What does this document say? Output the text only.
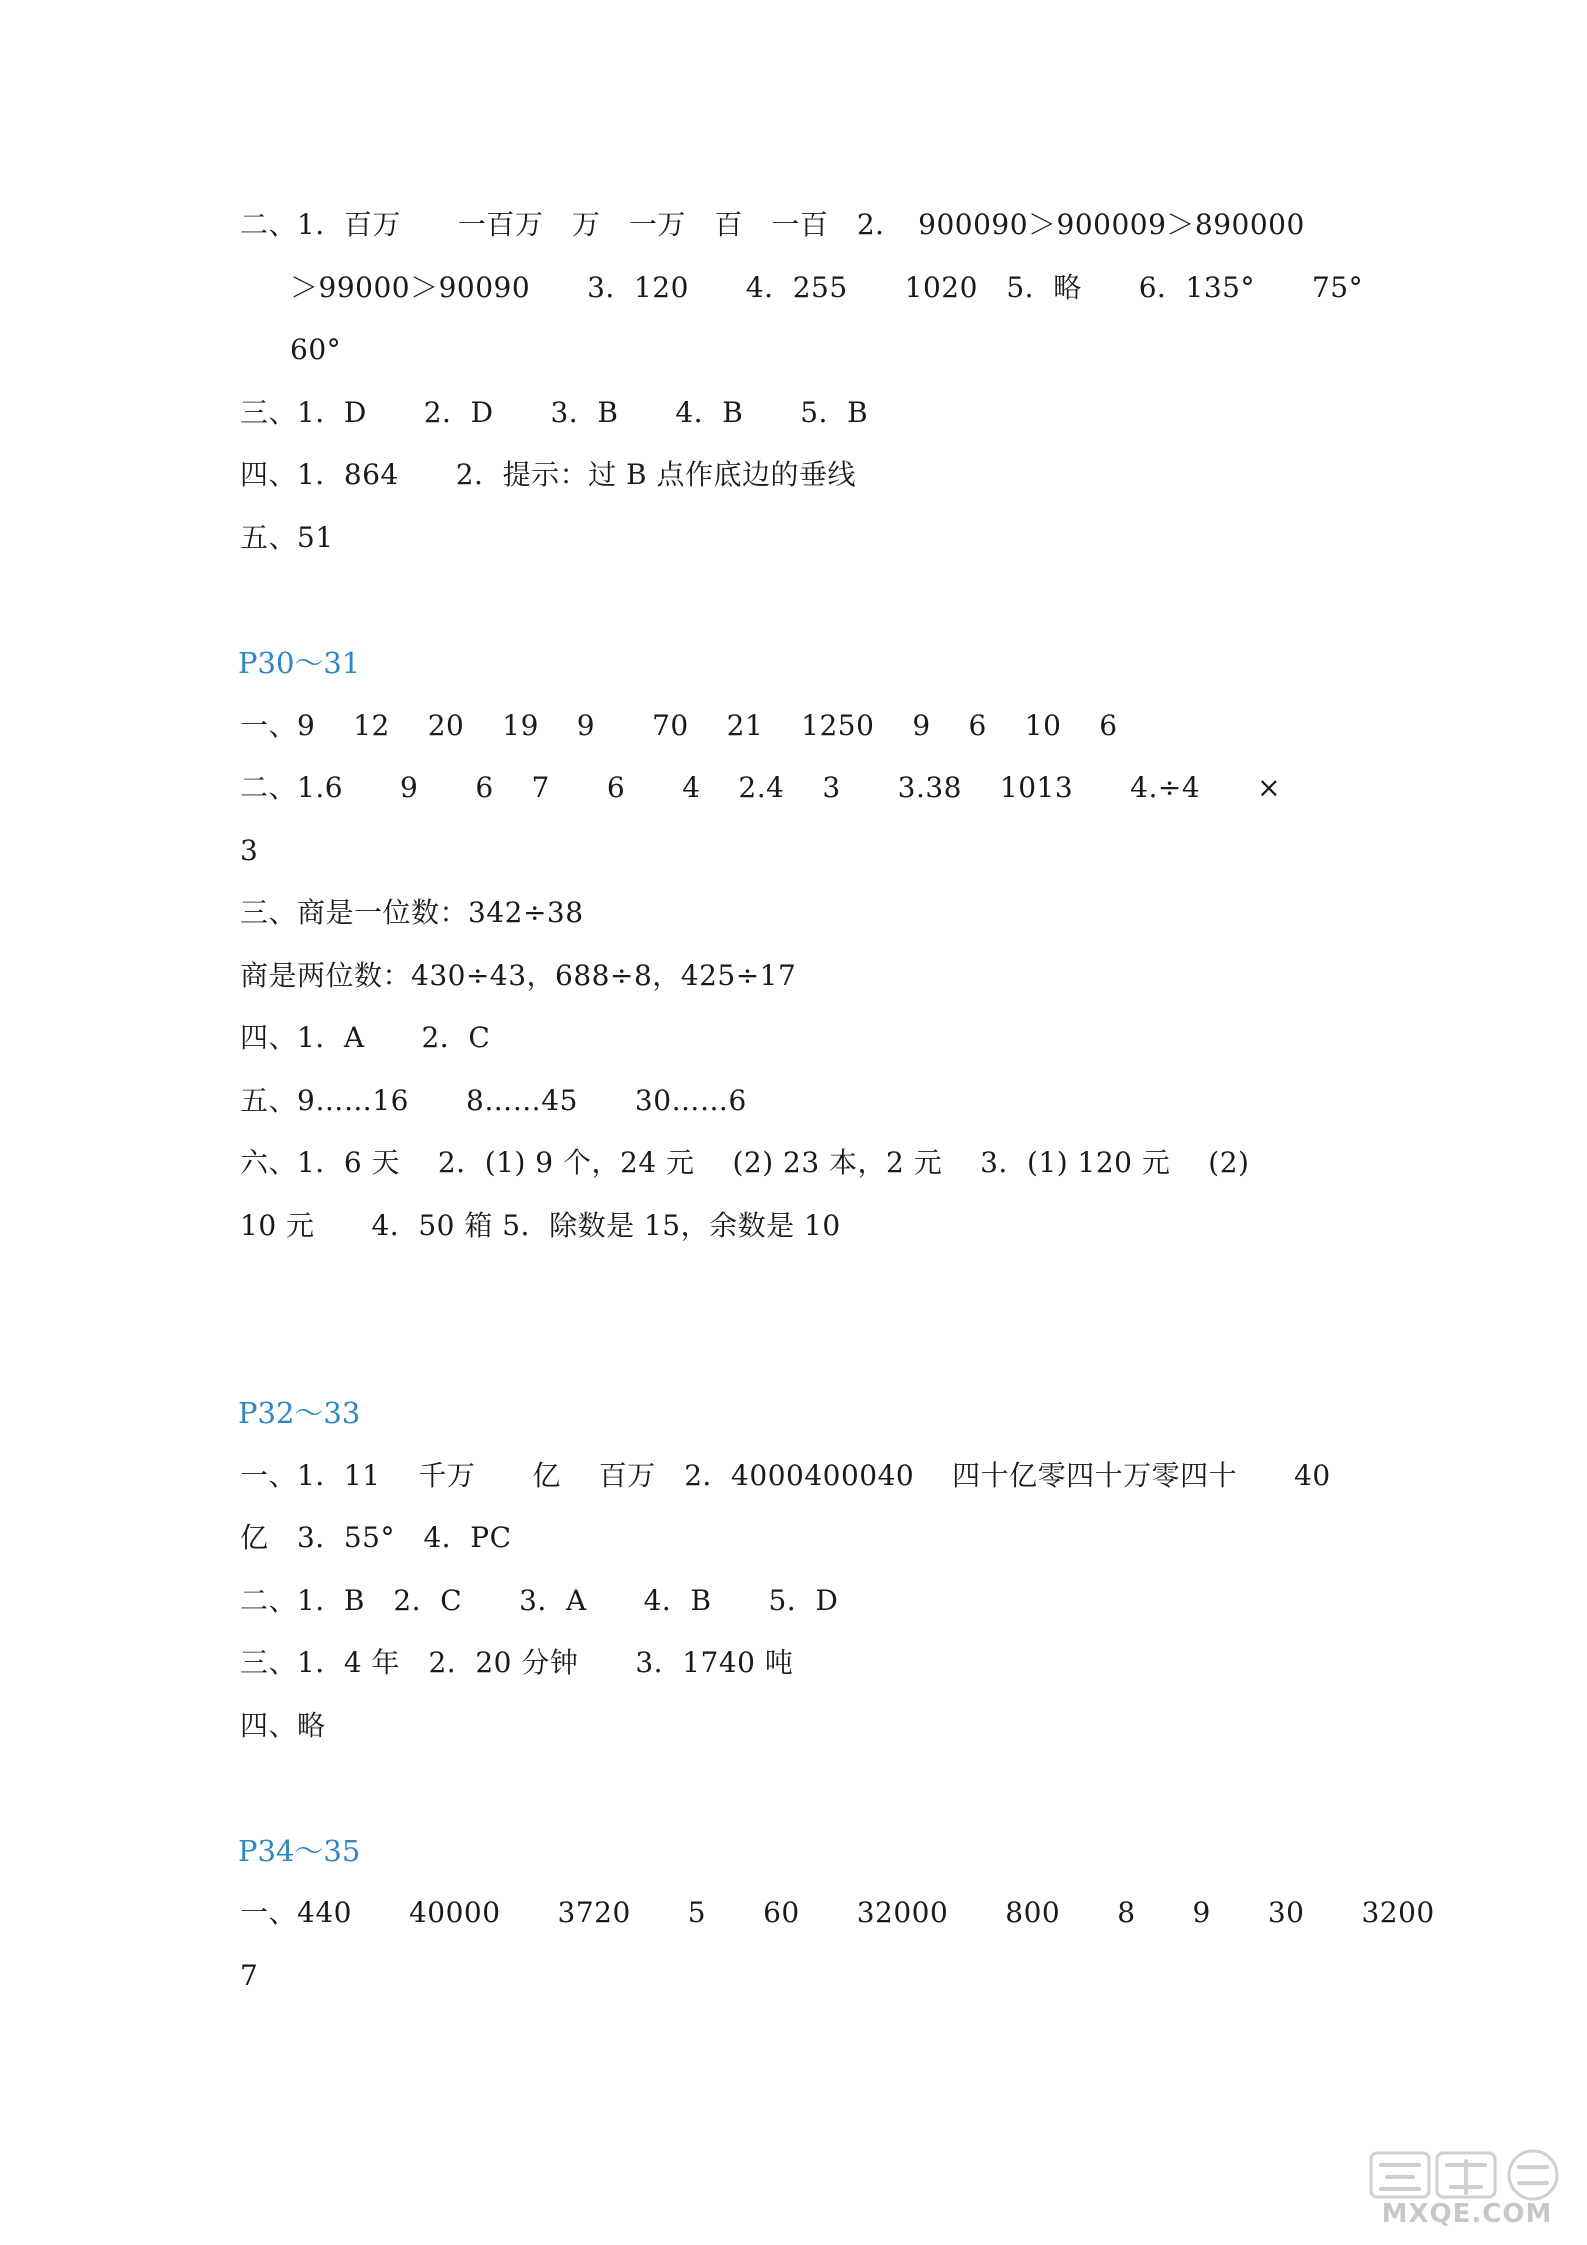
二、1．百万　　一百万　万　一万　百　一百　2．　900090＞900009＞890000
＞99000＞90090　　3．120　　4．255　　1020　5．略　　6．135°　　75°
60°
三、1．D　　2．D　　3．B　　4．B　　5．B
四、1．864　　2．提示：过 B 点作底边的垂线
五、51
P30～31
一、9　 12　 20　 19　 9　　70　 21　 1250　 9　 6　 10　 6
二、1.6　　9　　6　 7　　6　　4　 2.4　 3　　3.38　 1013　　4.÷4　　×
3
三、商是一位数：342÷38
商是两位数：430÷43，688÷8，425÷17
四、1．A　　2．C
五、9……16　　8……45　　30……6
六、1．6 天　 2．(1) 9 个，24 元　 (2) 23 本，2 元　 3．(1) 120 元　 (2)
10 元　　4．50 箱 5．除数是 15，余数是 10
P32～33
一、1．11　 千万　　亿　 百万　2．4000400040　 四十亿零四十万零四十　　40
亿　3．55°　4．PC
二、1．B　2．C　　3．A　　4．B　　5．D
三、1．4 年　2．20 分钟　　3．1740 吨
四、略
P34～35
一、440　　40000　　3720　　5　　60　　32000　　800　　8　　9　　30　　3200
7
MXQE.COM
